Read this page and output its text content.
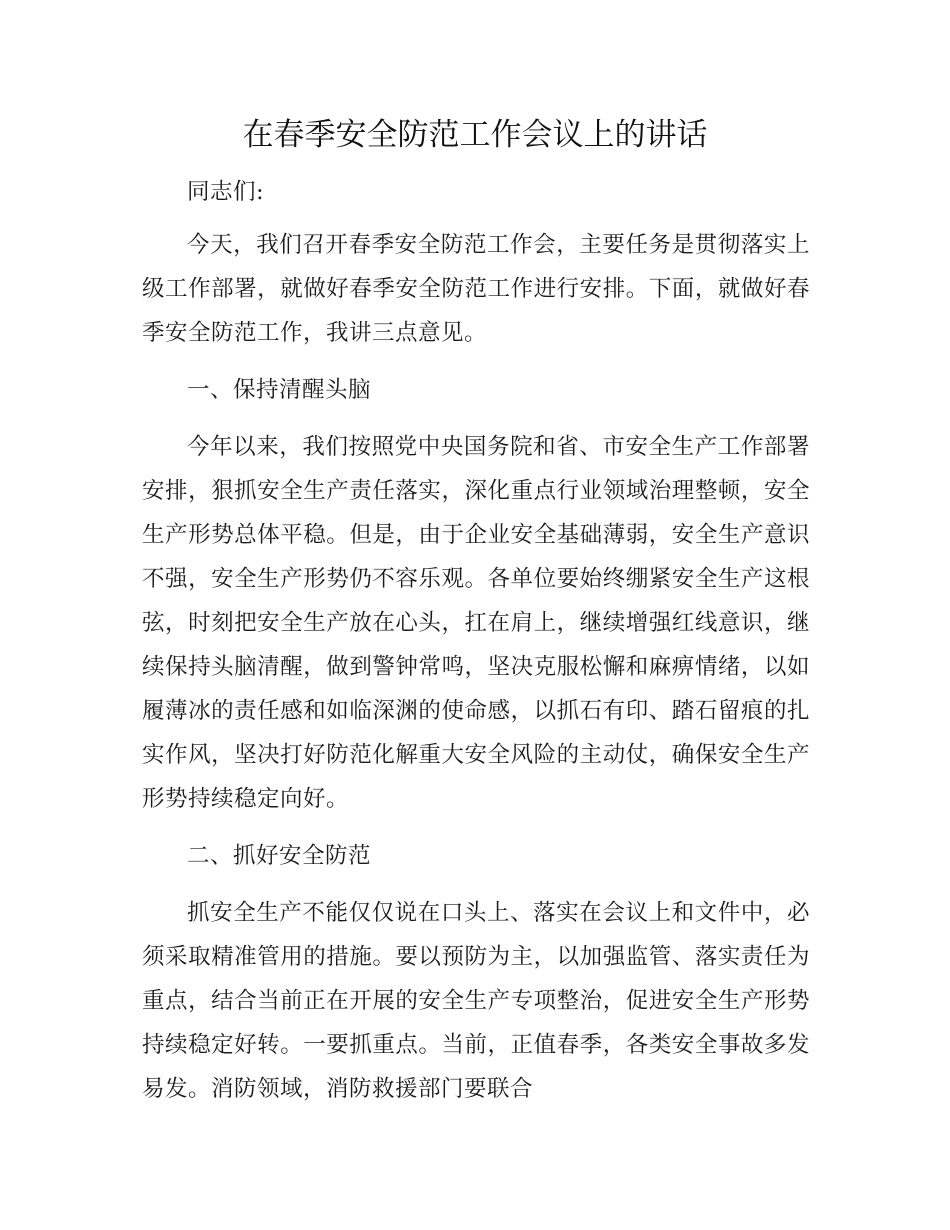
在春季安全防范工作会议上的讲话

同志们:

今天，我们召开春季安全防范工作会，主要任务是贯彻落实上级工作部署，就做好春季安全防范工作进行安排。下面，就做好春季安全防范工作，我讲三点意见。

一、保持清醒头脑

今年以来，我们按照党中央国务院和省、市安全生产工作部署安排，狠抓安全生产责任落实，深化重点行业领域治理整顿，安全生产形势总体平稳。但是，由于企业安全基础薄弱，安全生产意识不强，安全生产形势仍不容乐观。各单位要始终绷紧安全生产这根弦，时刻把安全生产放在心头，扛在肩上，继续增强红线意识，继续保持头脑清醒，做到警钟常鸣，坚决克服松懈和麻痹情绪，以如履薄冰的责任感和如临深渊的使命感，以抓石有印、踏石留痕的扎实作风，坚决打好防范化解重大安全风险的主动仗，确保安全生产形势持续稳定向好。

二、抓好安全防范

抓安全生产不能仅仅说在口头上、落实在会议上和文件中，必须采取精准管用的措施。要以预防为主，以加强监管、落实责任为重点，结合当前正在开展的安全生产专项整治，促进安全生产形势持续稳定好转。一要抓重点。当前，正值春季，各类安全事故多发易发。消防领域，消防救援部门要联合
